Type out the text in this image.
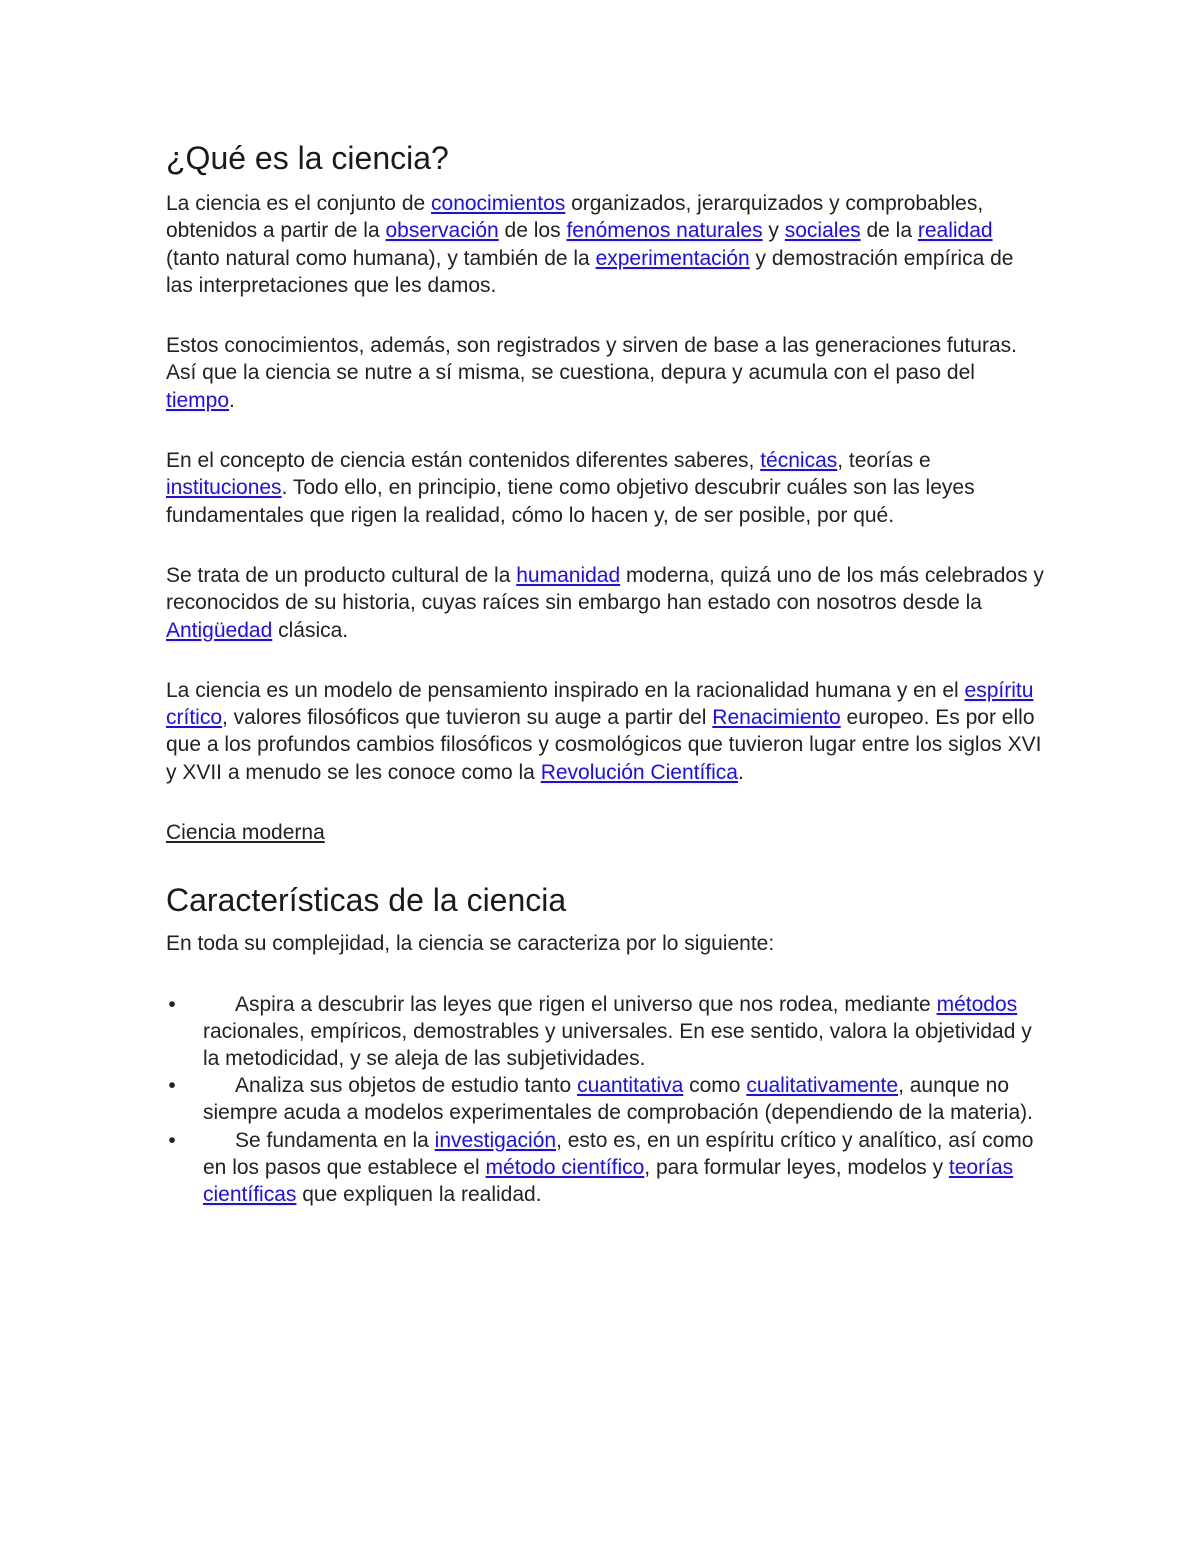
¿Qué es la ciencia?

La ciencia es el conjunto de conocimientos organizados, jerarquizados y comprobables, obtenidos a partir de la observación de los fenómenos naturales y sociales de la realidad (tanto natural como humana), y también de la experimentación y demostración empírica de las interpretaciones que les damos.

Estos conocimientos, además, son registrados y sirven de base a las generaciones futuras. Así que la ciencia se nutre a sí misma, se cuestiona, depura y acumula con el paso del tiempo.

En el concepto de ciencia están contenidos diferentes saberes, técnicas, teorías e instituciones. Todo ello, en principio, tiene como objetivo descubrir cuáles son las leyes fundamentales que rigen la realidad, cómo lo hacen y, de ser posible, por qué.

Se trata de un producto cultural de la humanidad moderna, quizá uno de los más celebrados y reconocidos de su historia, cuyas raíces sin embargo han estado con nosotros desde la Antigüedad clásica.

La ciencia es un modelo de pensamiento inspirado en la racionalidad humana y en el espíritu crítico, valores filosóficos que tuvieron su auge a partir del Renacimiento europeo. Es por ello que a los profundos cambios filosóficos y cosmológicos que tuvieron lugar entre los siglos XVI y XVII a menudo se les conoce como la Revolución Científica.

Ciencia moderna

Características de la ciencia

En toda su complejidad, la ciencia se caracteriza por lo siguiente:

•	Aspira a descubrir las leyes que rigen el universo que nos rodea, mediante métodos racionales, empíricos, demostrables y universales. En ese sentido, valora la objetividad y la metodicidad, y se aleja de las subjetividades.
•	Analiza sus objetos de estudio tanto cuantitativa como cualitativamente, aunque no siempre acuda a modelos experimentales de comprobación (dependiendo de la materia).
•	Se fundamenta en la investigación, esto es, en un espíritu crítico y analítico, así como en los pasos que establece el método científico, para formular leyes, modelos y teorías científicas que expliquen la realidad.
